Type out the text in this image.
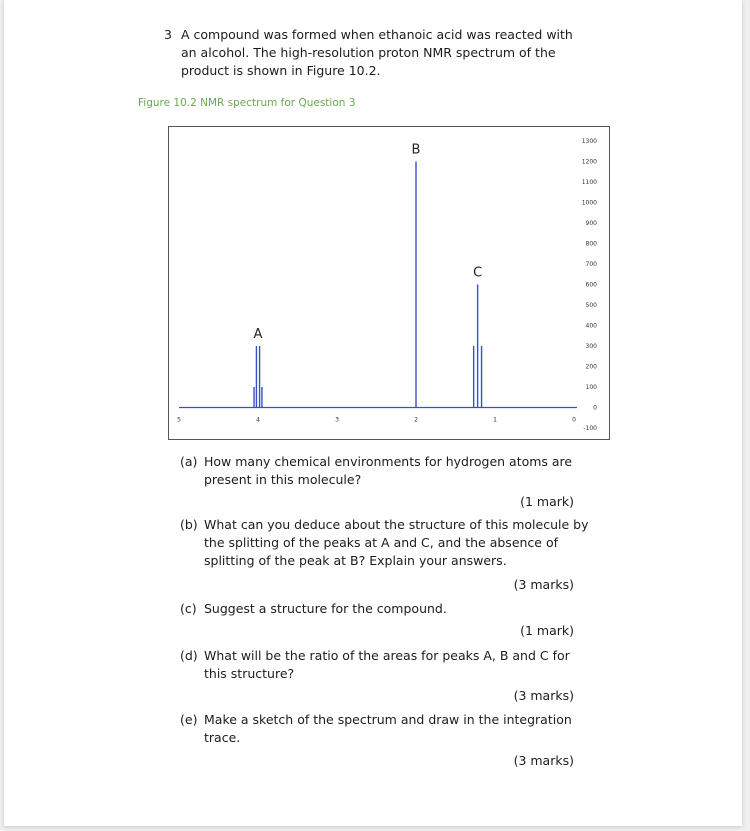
3 A compound was formed when ethanoic acid was reacted with an alcohol. The high-resolution proton NMR spectrum of the product is shown in Figure 10.2.
Figure 10.2 NMR spectrum for Question 3
5	4	3	2	1	0
1300
1200
1100
1000
900
800
700
600
500
400
300
200
100
0
-100
A
B
C
(a) How many chemical environments for hydrogen atoms are present in this molecule?
(1 mark)
(b) What can you deduce about the structure of this molecule by the splitting of the peaks at A and C, and the absence of splitting of the peak at B? Explain your answers.
(3 marks)
(c) Suggest a structure for the compound.
(1 mark)
(d) What will be the ratio of the areas for peaks A, B and C for this structure?
(3 marks)
(e) Make a sketch of the spectrum and draw in the integration trace.
(3 marks)
